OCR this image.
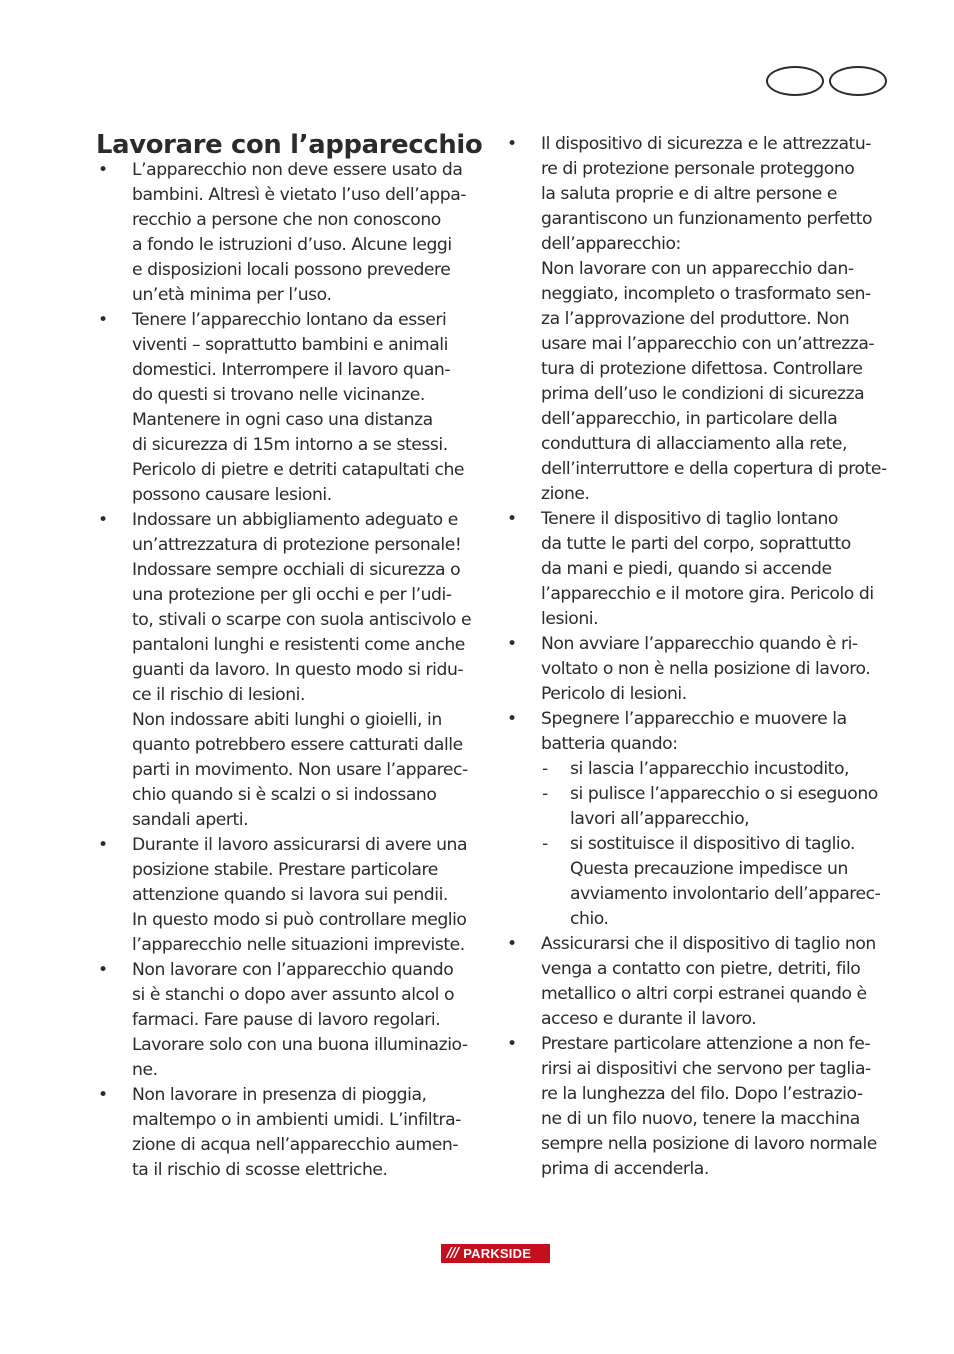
Lavorare con l’apparecchio
• L’apparecchio non deve essere usato da
bambini. Altresì è vietato l’uso dell’appa-
recchio a persone che non conoscono
a fondo le istruzioni d’uso. Alcune leggi
e disposizioni locali possono prevedere
un’età minima per l’uso.
• Tenere l’apparecchio lontano da esseri
viventi – soprattutto bambini e animali
domestici. Interrompere il lavoro quan-
do questi si trovano nelle vicinanze.
Mantenere in ogni caso una distanza
di sicurezza di 15m intorno a se stessi.
Pericolo di pietre e detriti catapultati che
possono causare lesioni.
• Indossare un abbigliamento adeguato e
un’attrezzatura di protezione personale!
Indossare sempre occhiali di sicurezza o
una protezione per gli occhi e per l’udi-
to, stivali o scarpe con suola antiscivolo e
pantaloni lunghi e resistenti come anche
guanti da lavoro. In questo modo si ridu-
ce il rischio di lesioni.
Non indossare abiti lunghi o gioielli, in
quanto potrebbero essere catturati dalle
parti in movimento. Non usare l’apparec-
chio quando si è scalzi o si indossano
sandali aperti.
• Durante il lavoro assicurarsi di avere una
posizione stabile. Prestare particolare
attenzione quando si lavora sui pendii.
In questo modo si può controllare meglio
l’apparecchio nelle situazioni impreviste.
• Non lavorare con l’apparecchio quando
si è stanchi o dopo aver assunto alcol o
farmaci. Fare pause di lavoro regolari.
Lavorare solo con una buona illuminazio-
ne.
• Non lavorare in presenza di pioggia,
maltempo o in ambienti umidi. L’infiltra-
zione di acqua nell’apparecchio aumen-
ta il rischio di scosse elettriche.
• Il dispositivo di sicurezza e le attrezzatu-
re di protezione personale proteggono
la saluta proprie e di altre persone e
garantiscono un funzionamento perfetto
dell’apparecchio:
Non lavorare con un apparecchio dan-
neggiato, incompleto o trasformato sen-
za l’approvazione del produttore. Non
usare mai l’apparecchio con un’attrezza-
tura di protezione difettosa. Controllare
prima dell’uso le condizioni di sicurezza
dell’apparecchio, in particolare della
conduttura di allacciamento alla rete,
dell’interruttore e della copertura di prote-
zione.
• Tenere il dispositivo di taglio lontano
da tutte le parti del corpo, soprattutto
da mani e piedi, quando si accende
l’apparecchio e il motore gira. Pericolo di
lesioni.
• Non avviare l’apparecchio quando è ri-
voltato o non è nella posizione di lavoro.
Pericolo di lesioni.
• Spegnere l’apparecchio e muovere la
batteria quando:
- si lascia l’apparecchio incustodito,
- si pulisce l’apparecchio o si eseguono
lavori all’apparecchio,
- si sostituisce il dispositivo di taglio.
Questa precauzione impedisce un
avviamento involontario dell’apparec-
chio.
• Assicurarsi che il dispositivo di taglio non
venga a contatto con pietre, detriti, filo
metallico o altri corpi estranei quando è
acceso e durante il lavoro.
• Prestare particolare attenzione a non fe-
rirsi ai dispositivi che servono per taglia-
re la lunghezza del filo. Dopo l’estrazio-
ne di un filo nuovo, tenere la macchina
sempre nella posizione di lavoro normale
prima di accenderla.
/// PARKSIDE
